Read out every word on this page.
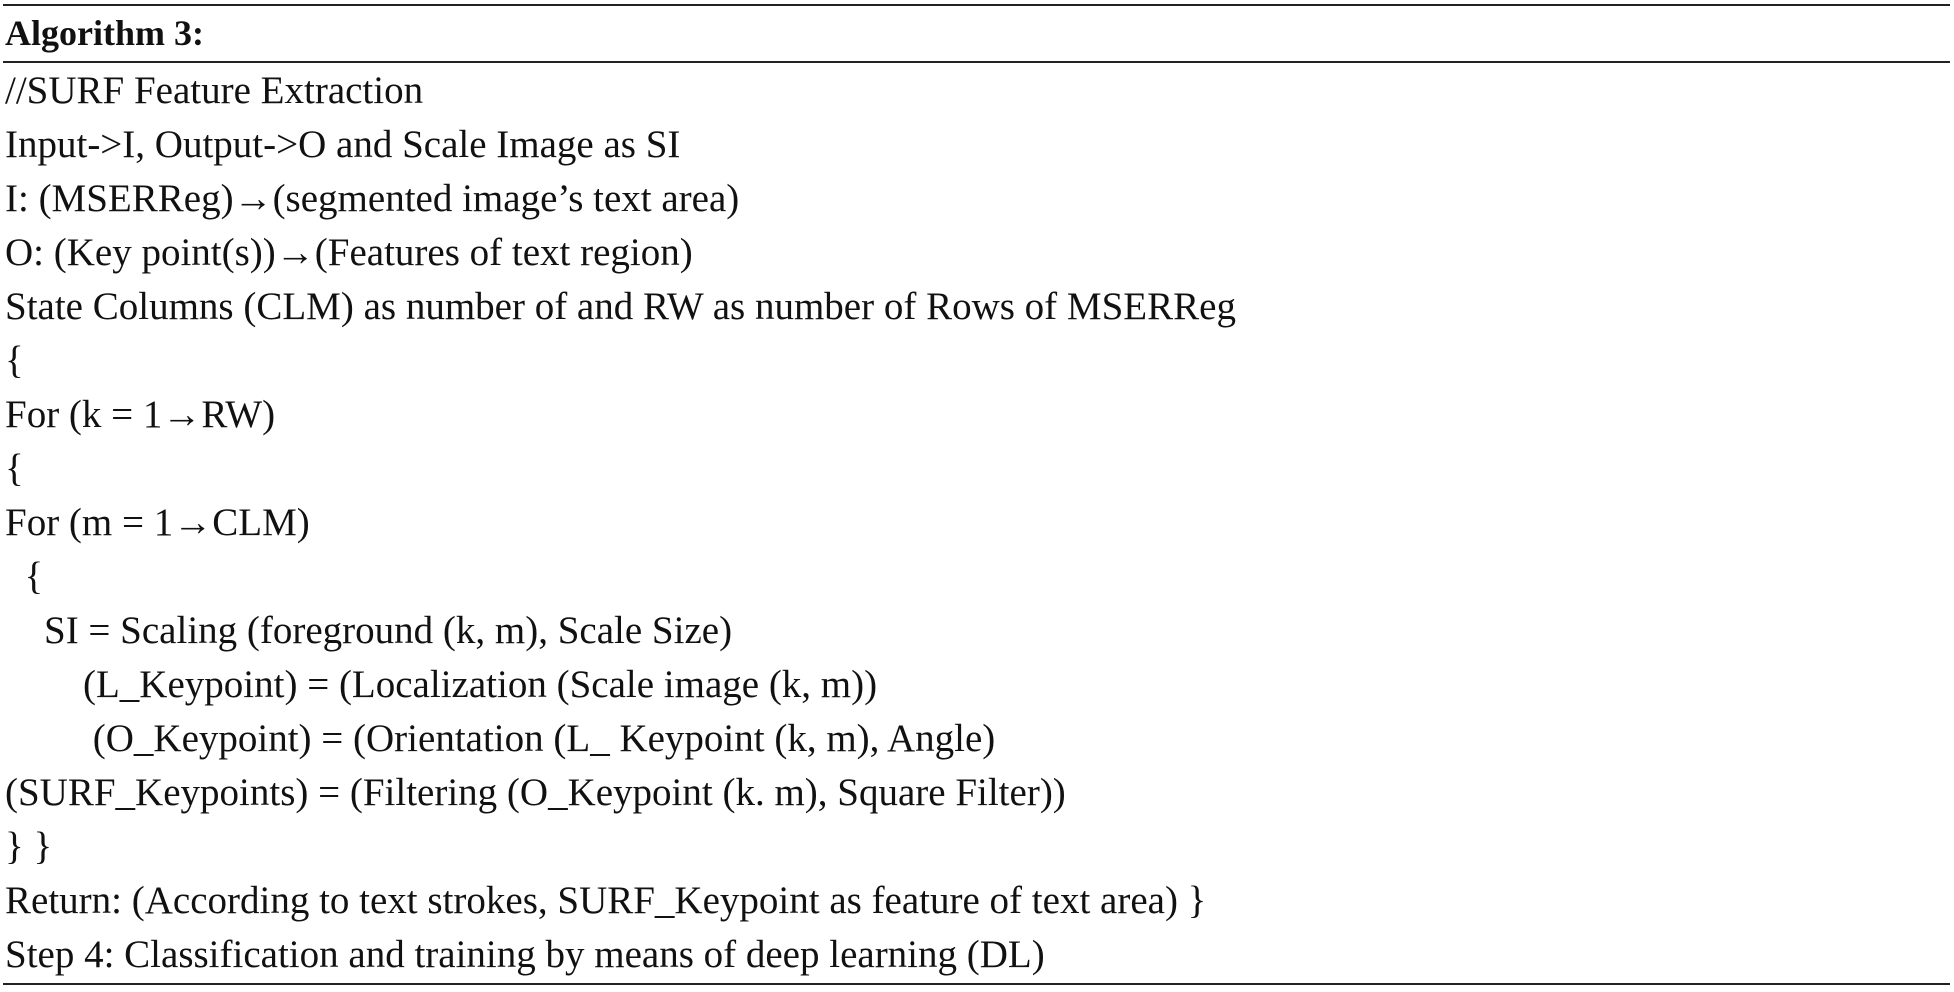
Algorithm 3:
//SURF Feature Extraction
Input->I, Output->O and Scale Image as SI
I: (MSERReg)→(segmented image’s text area)
O: (Key point(s))→(Features of text region)
State Columns (CLM) as number of and RW as number of Rows of MSERReg
{
For (k = 1→RW)
{
For (m = 1→CLM)
{
SI = Scaling (foreground (k, m), Scale Size)
(L_Keypoint) = (Localization (Scale image (k, m))
(O_Keypoint) = (Orientation (L_ Keypoint (k, m), Angle)
(SURF_Keypoints) = (Filtering (O_Keypoint (k. m), Square Filter))
} }
Return: (According to text strokes, SURF_Keypoint as feature of text area) }
Step 4: Classification and training by means of deep learning (DL)
